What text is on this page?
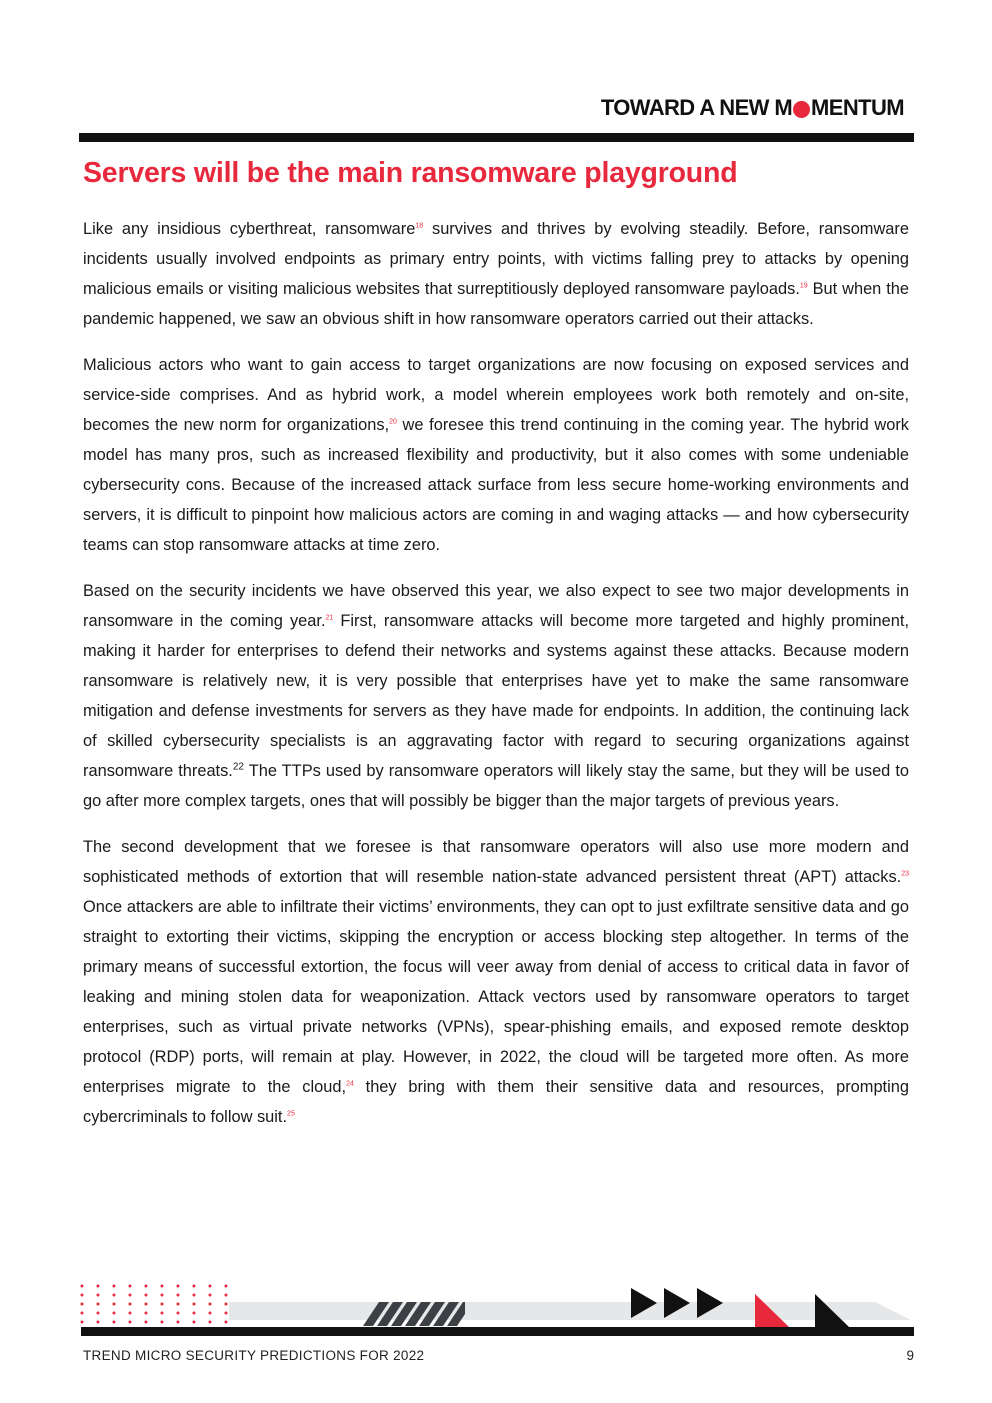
TOWARD A NEW M MENTUM
Servers will be the main ransomware playground

Like any insidious cyberthreat, ransomware$^{18}$ survives and thrives by evolving steadily. Before, ransomware incidents usually involved endpoints as primary entry points, with victims falling prey to attacks by opening malicious emails or visiting malicious websites that surreptitiously deployed ransomware payloads.$^{19}$ But when the pandemic happened, we saw an obvious shift in how ransomware operators carried out their attacks.

Malicious actors who want to gain access to target organizations are now focusing on exposed services and service-side comprises. And as hybrid work, a model wherein employees work both remotely and on-site, becomes the new norm for organizations,$^{20}$ we foresee this trend continuing in the coming year. The hybrid work model has many pros, such as increased flexibility and productivity, but it also comes with some undeniable cybersecurity cons. Because of the increased attack surface from less secure home-working environments and servers, it is difficult to pinpoint how malicious actors are coming in and waging attacks — and how cybersecurity teams can stop ransomware attacks at time zero.

Based on the security incidents we have observed this year, we also expect to see two major developments in ransomware in the coming year.$^{21}$ First, ransomware attacks will become more targeted and highly prominent, making it harder for enterprises to defend their networks and systems against these attacks. Because modern ransomware is relatively new, it is very possible that enterprises have yet to make the same ransomware mitigation and defense investments for servers as they have made for endpoints. In addition, the continuing lack of skilled cybersecurity specialists is an aggravating factor with regard to securing organizations against ransomware threats.$^{22}$ The TTPs used by ransomware operators will likely stay the same, but they will be used to go after more complex targets, ones that will possibly be bigger than the major targets of previous years.

The second development that we foresee is that ransomware operators will also use more modern and sophisticated methods of extortion that will resemble nation-state advanced persistent threat (APT) attacks.$^{23}$ Once attackers are able to infiltrate their victims’ environments, they can opt to just exfiltrate sensitive data and go straight to extorting their victims, skipping the encryption or access blocking step altogether. In terms of the primary means of successful extortion, the focus will veer away from denial of access to critical data in favor of leaking and mining stolen data for weaponization. Attack vectors used by ransomware operators to target enterprises, such as virtual private networks (VPNs), spear-phishing emails, and exposed remote desktop protocol (RDP) ports, will remain at play. However, in 2022, the cloud will be targeted more often. As more enterprises migrate to the cloud,$^{24}$ they bring with them their sensitive data and resources, prompting cybercriminals to follow suit.$^{25}$

TREND MICRO SECURITY PREDICTIONS FOR 2022	9
